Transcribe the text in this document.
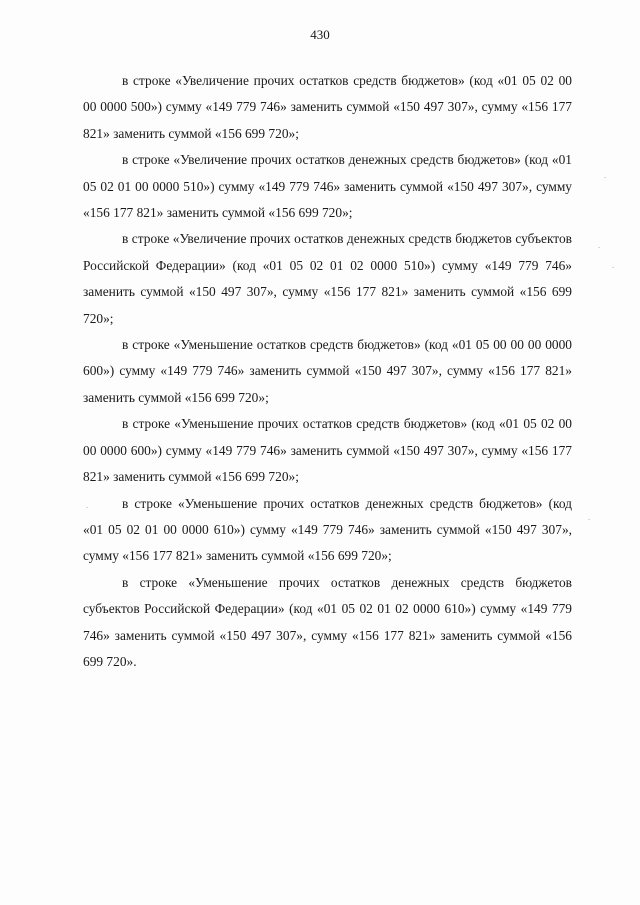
430

в строке «Увеличение прочих остатков средств бюджетов» (код «01 05 02 00 00 0000 500») сумму «149 779 746» заменить суммой «150 497 307», сумму «156 177 821» заменить суммой «156 699 720»;

в строке «Увеличение прочих остатков денежных средств бюджетов» (код «01 05 02 01 00 0000 510») сумму «149 779 746» заменить суммой «150 497 307», сумму «156 177 821» заменить суммой «156 699 720»;

в строке «Увеличение прочих остатков денежных средств бюджетов субъектов Российской Федерации» (код «01 05 02 01 02 0000 510») сумму «149 779 746» заменить суммой «150 497 307», сумму «156 177 821» заменить суммой «156 699 720»;

в строке «Уменьшение остатков средств бюджетов» (код «01 05 00 00 00 0000 600») сумму «149 779 746» заменить суммой «150 497 307», сумму «156 177 821» заменить суммой «156 699 720»;

в строке «Уменьшение прочих остатков средств бюджетов» (код «01 05 02 00 00 0000 600») сумму «149 779 746» заменить суммой «150 497 307», сумму «156 177 821» заменить суммой «156 699 720»;

в строке «Уменьшение прочих остатков денежных средств бюджетов» (код «01 05 02 01 00 0000 610») сумму «149 779 746» заменить суммой «150 497 307», сумму «156 177 821» заменить суммой «156 699 720»;

в строке «Уменьшение прочих остатков денежных средств бюджетов субъектов Российской Федерации» (код «01 05 02 01 02 0000 610») сумму «149 779 746» заменить суммой «150 497 307», сумму «156 177 821» заменить суммой «156 699 720».

.
.
.
.
.
